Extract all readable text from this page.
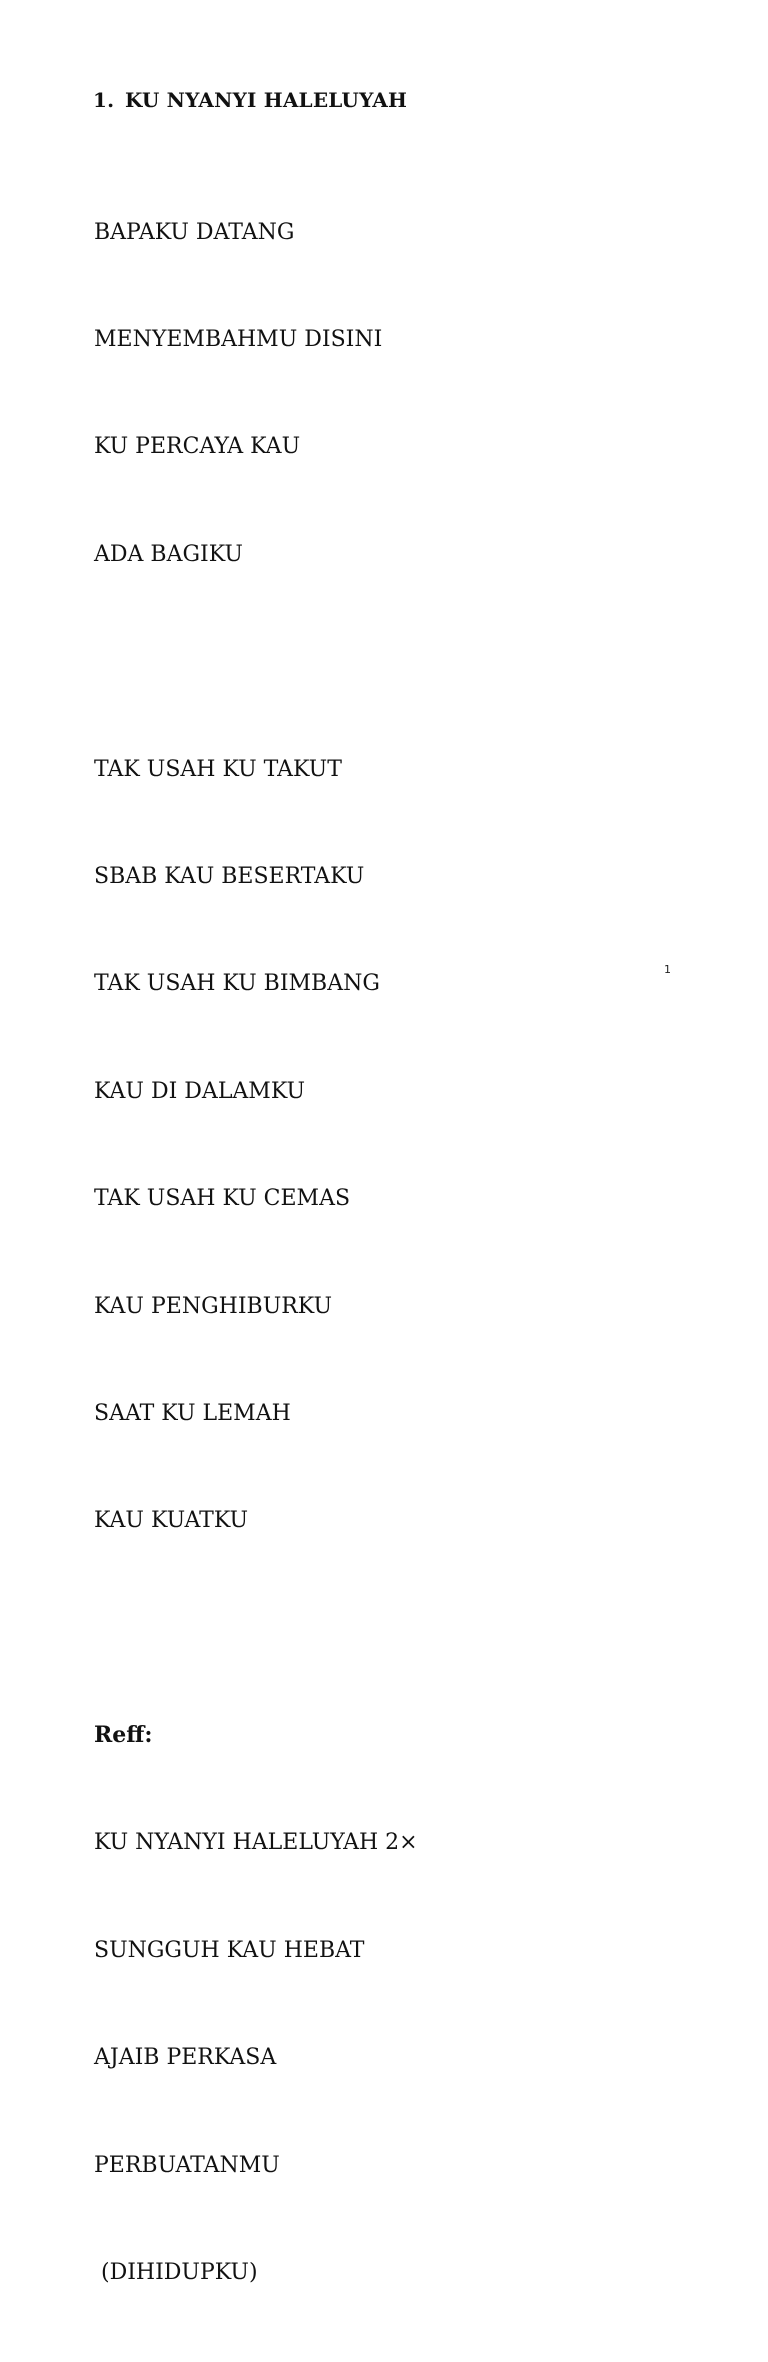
1. KU NYANYI HALELUYAH

BAPAKU DATANG

MENYEMBAHMU DISINI

KU PERCAYA KAU

ADA BAGIKU

TAK USAH KU TAKUT

SBAB KAU BESERTAKU

TAK USAH KU BIMBANG

KAU DI DALAMKU

TAK USAH KU CEMAS

KAU PENGHIBURKU

SAAT KU LEMAH

KAU KUATKU

Reff:

KU NYANYI HALELUYAH 2×

SUNGGUH KAU HEBAT

AJAIB PERKASA

PERBUATANMU

(DIHIDUPKU)

1
